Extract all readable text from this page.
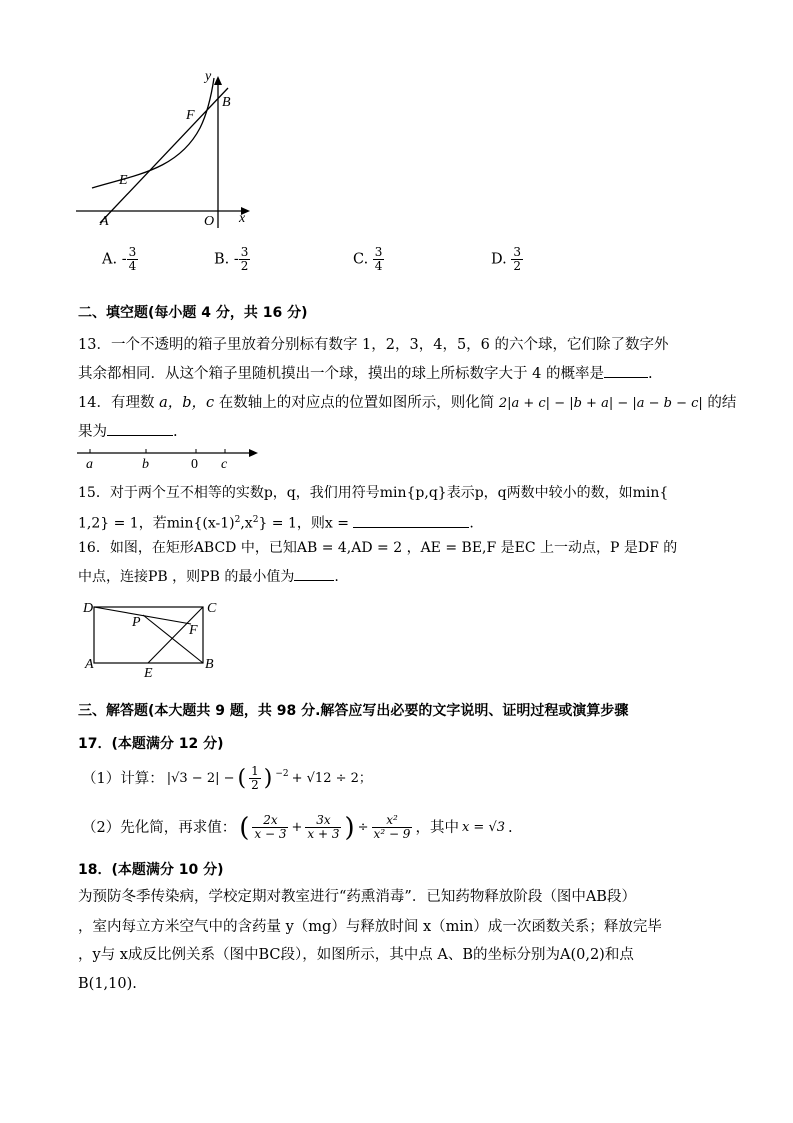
y
B
F
E
A	O x
A. - $\frac{3}{4}$	B. - $\frac{3}{2}$	C. $\frac{3}{4}$	D. $\frac{3}{2}$
二、填空题(每小题 4 分，共 16 分)
13．一个不透明的箱子里放着分别标有数字 1，2，3，4，5，6 的六个球，它们除了数字外
其余都相同．从这个箱子里随机摸出一个球，摸出的球上所标数字大于 4 的概率是	.
14．有理数 a，b，c 在数轴上的对应点的位置如图所示，则化简 2|a + c| − |b + a| − |a − b − c| 的结
果为	.
a	b	0 c
15．对于两个互不相等的实数p，q，我们用符号min{p,q}表示p，q两数中较小的数，如min{
1,2} = 1，若$\min\{(x-1)^2,x^2\} = 1$，则x =	.
16．如图，在矩形ABCD 中，已知AB = 4,AD = 2 ，AE = BE,F 是EC 上一动点，P 是DF 的
中点，连接PB ，则PB 的最小值为	.
D	C
P
F
A
E
B
三、解答题(本大题共 9 题，共 98 分.解答应写出必要的文字说明、证明过程或演算步骤
17．(本题满分 12 分)
（1）计算： |√3 − 2| − ( $\frac{1}{2}$ ) $^{-2}$ + √12 ÷ 2；
（2）先化简，再求值： ( $\frac{2x}{x - 3} + \frac{3x}{x + 3}$ ) ÷ $\frac{\text{x²}}{\text{x² − 9}}$ ，其中 x = √3 .
18．(本题满分 10 分)
为预防冬季传染病，学校定期对教室进行“药熏消毒”．已知药物释放阶段（图中AB段）
，室内每立方米空气中的含药量 y（mg）与释放时间 x（min）成一次函数关系；释放完毕
，y与 x成反比例关系（图中BC段），如图所示，其中点 A、B的坐标分别为A(0,2)和点
B(1,10).
